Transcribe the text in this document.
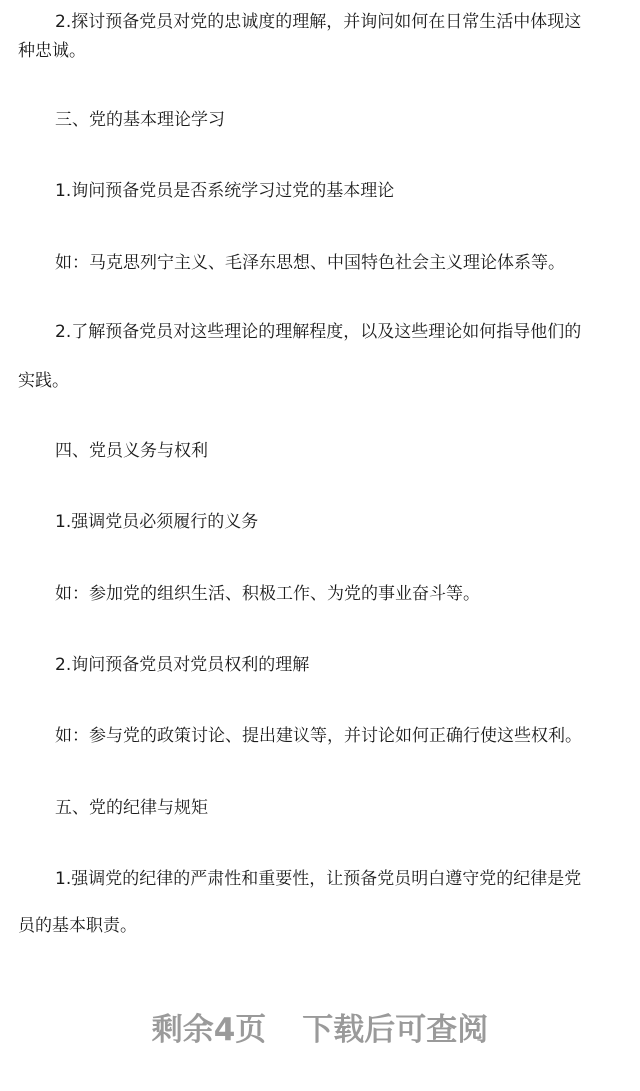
2.探讨预备党员对党的忠诚度的理解，并询问如何在日常生活中体现这
种忠诚。
三、党的基本理论学习
1.询问预备党员是否系统学习过党的基本理论
如：马克思列宁主义、毛泽东思想、中国特色社会主义理论体系等。
2.了解预备党员对这些理论的理解程度，以及这些理论如何指导他们的
实践。
四、党员义务与权利
1.强调党员必须履行的义务
如：参加党的组织生活、积极工作、为党的事业奋斗等。
2.询问预备党员对党员权利的理解
如：参与党的政策讨论、提出建议等，并讨论如何正确行使这些权利。
五、党的纪律与规矩
1.强调党的纪律的严肃性和重要性，让预备党员明白遵守党的纪律是党
员的基本职责。
剩余4页 下载后可查阅
